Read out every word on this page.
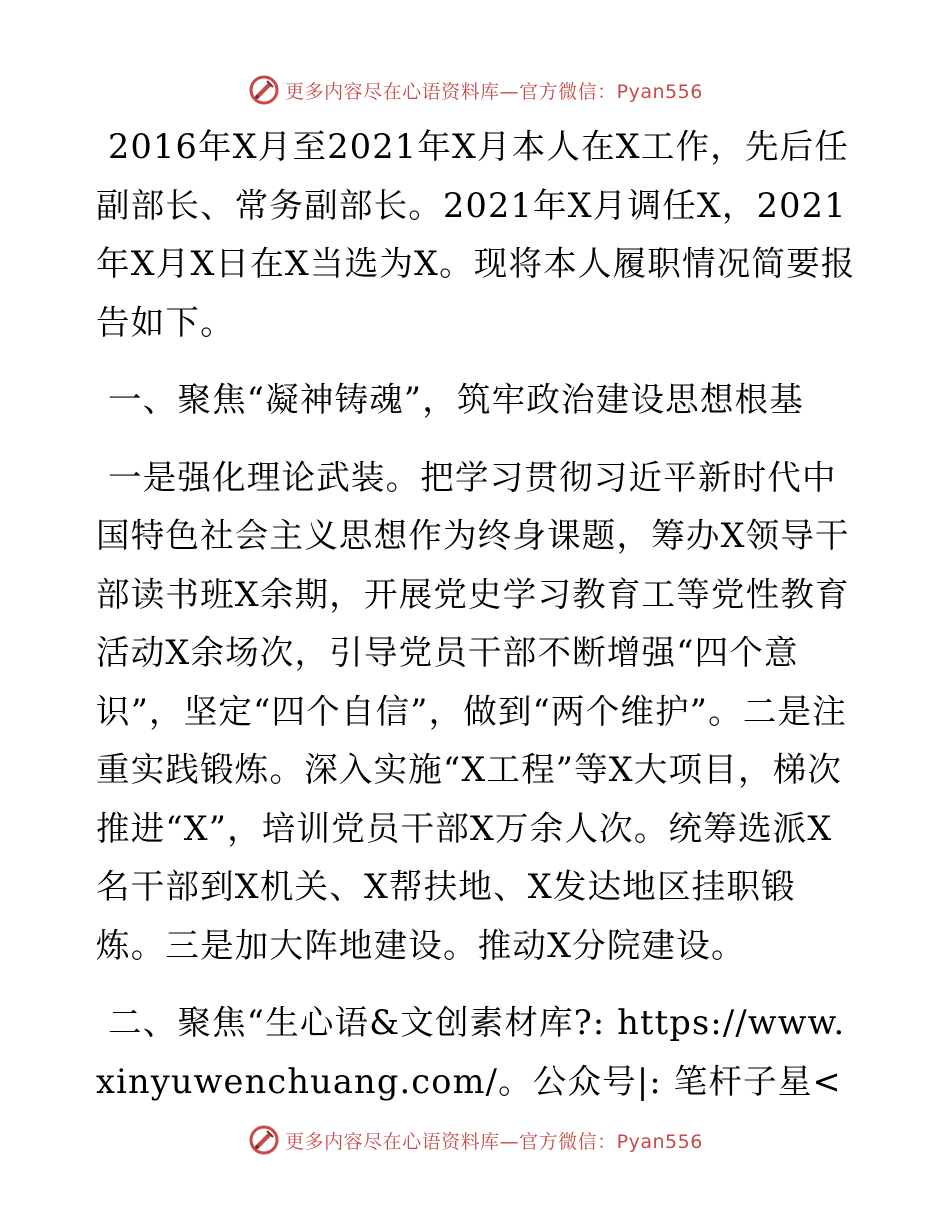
更多内容尽在心语资料库—官方微信：Pyan556

2016年X月至2021年X月本人在X工作，先后任副部长、常务副部长。2021年X月调任X，2021年X月X日在X当选为X。现将本人履职情况简要报告如下。

一、聚焦“凝神铸魂”，筑牢政治建设思想根基

一是强化理论武装。把学习贯彻习近平新时代中国特色社会主义思想作为终身课题，筹办X领导干部读书班X余期，开展党史学习教育工等党性教育活动X余场次，引导党员干部不断增强“四个意识”，坚定“四个自信”，做到“两个维护”。二是注重实践锻炼。深入实施“X工程”等X大项目，梯次推进“X”，培训党员干部X万余人次。统筹选派X名干部到X机关、X帮扶地、X发达地区挂职锻炼。三是加大阵地建设。推动X分院建设。

二、聚焦“生心语&文创素材库?: https://www.xinyuwenchuang.com/。公众号|: 笔杆子星<

更多内容尽在心语资料库—官方微信：Pyan556
